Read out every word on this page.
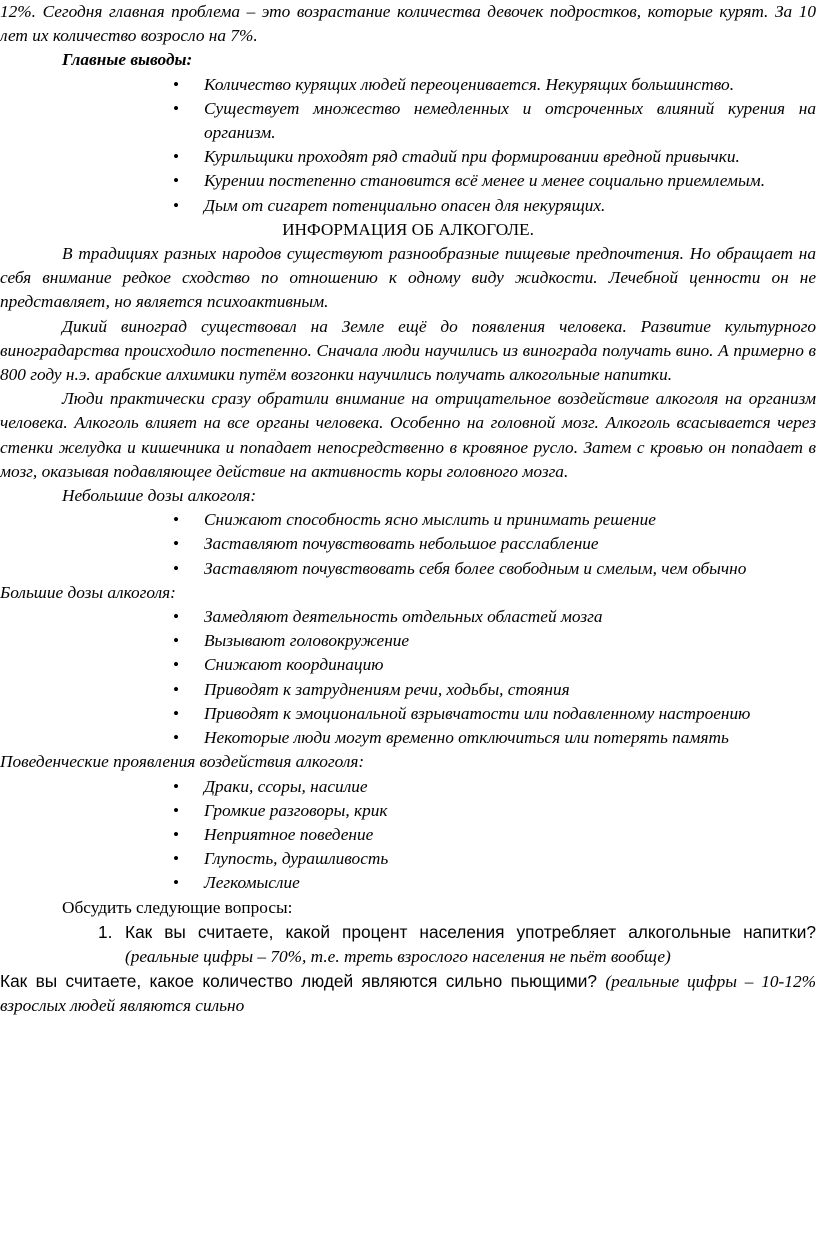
12%. Сегодня главная проблема – это возрастание количества девочек подростков, которые курят. За 10 лет их количество возросло на 7%.

Главные выводы:

• Количество курящих людей переоценивается. Некурящих большинство.
• Существует множество немедленных и отсроченных влияний курения на организм.
• Курильщики проходят ряд стадий при формировании вредной привычки.
• Курении постепенно становится всё менее и менее социально приемлемым.
• Дым от сигарет потенциально опасен для некурящих.

ИНФОРМАЦИЯ ОБ АЛКОГОЛЕ.

В традициях разных народов существуют разнообразные пищевые предпочтения. Но обращает на себя внимание редкое сходство по отношению к одному виду жидкости. Лечебной ценности он не представляет, но является психоактивным.

Дикий виноград существовал на Земле ещё до появления человека. Развитие культурного виноградарства происходило постепенно. Сначала люди научились из винограда получать вино. А примерно в 800 году н.э. арабские алхимики путём возгонки научились получать алкогольные напитки.

Люди практически сразу обратили внимание на отрицательное воздействие алкоголя на организм человека. Алкоголь влияет на все органы человека. Особенно на головной мозг. Алкоголь всасывается через стенки желудка и кишечника и попадает непосредственно в кровяное русло. Затем с кровью он попадает в мозг, оказывая подавляющее действие на активность коры головного мозга.

Небольшие дозы алкоголя:

• Снижают способность ясно мыслить и принимать решение
• Заставляют почувствовать небольшое расслабление
• Заставляют почувствовать себя более свободным и смелым, чем обычно

Большие дозы алкоголя:

• Замедляют деятельность отдельных областей мозга
• Вызывают головокружение
• Снижают координацию
• Приводят к затруднениям речи, ходьбы, стояния
• Приводят к эмоциональной взрывчатости или подавленному настроению
• Некоторые люди могут временно отключиться или потерять память

Поведенческие проявления воздействия алкоголя:

• Драки, ссоры, насилие
• Громкие разговоры, крик
• Неприятное поведение
• Глупость, дурашливость
• Легкомыслие

Обсудить следующие вопросы:

1. Как вы считаете, какой процент населения употребляет алкогольные напитки? (реальные цифры – 70%, т.е. треть взрослого населения не пьёт вообще)

Как вы считаете, какое количество людей являются сильно пьющими? (реальные цифры – 10-12% взрослых людей являются сильно
